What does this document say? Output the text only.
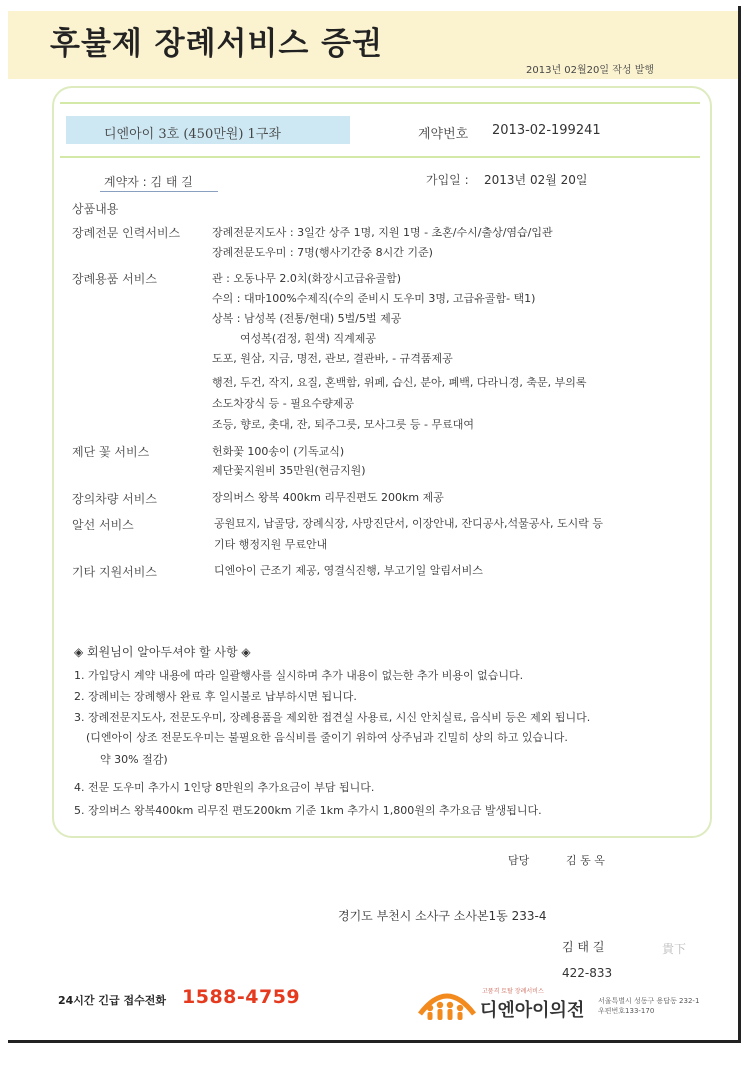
후불제 장례서비스 증권
2013년 02월20일 작성 발행
디엔아이 3호 (450만원) 1구좌	계약번호 2013-02-199241
계약자 : 김 태 길	가입일 : 2013년 02월 20일
상품내용
장례전문 인력서비스	장례전문지도사 : 3일간 상주 1명, 지원 1명 - 초혼/수시/출상/염습/입관
장례전문도우미 : 7명(행사기간중 8시간 기준)
장례용품 서비스	관 : 오동나무 2.0치(화장시고급유골함)
수의 : 대마100%수제직(수의 준비시 도우미 3명, 고급유골함- 택1)
상복 : 남성복 (전통/현대) 5벌/5벌 제공
여성복(검정, 흰색) 직계제공
도포, 원삼, 지금, 명전, 관보, 결관바, - 규격품제공
행전, 두건, 작지, 요질, 혼백함, 위페, 습신, 분아, 폐백, 다라니경, 축문, 부의록
소도차장식 등 - 필요수량제공
조등, 향로, 촛대, 잔, 퇴주그릇, 모사그릇 등 - 무료대여
제단 꽃 서비스	헌화꽃 100송이 (기독교식)
제단꽃지원비 35만원(현금지원)
장의차량 서비스	장의버스 왕복 400km 리무진편도 200km 제공
알선 서비스	공원묘지, 납골당, 장례식장, 사망진단서, 이장안내, 잔디공사,석물공사, 도시락 등
기타 행정지원 무료안내
기타 지원서비스	디엔아이 근조기 제공, 영결식진행, 부고기일 알림서비스
◈ 회원님이 알아두셔야 할 사항 ◈
1. 가입당시 계약 내용에 따라 일괄행사를 실시하며 추가 내용이 없는한 추가 비용이 없습니다.
2. 장례비는 장례행사 완료 후 일시불로 납부하시면 됩니다.
3. 장례전문지도사, 전문도우미, 장례용품을 제외한 접견실 사용료, 시신 안치실료, 음식비 등은 제외 됩니다.
(디엔아이 상조 전문도우미는 불필요한 음식비를 줄이기 위하여 상주님과 긴밀히 상의 하고 있습니다.
약 30% 절감)
4. 전문 도우미 추가시 1인당 8만원의 추가요금이 부담 됩니다.
5. 장의버스 왕복400km 리무진 편도200km 기준 1km 추가시 1,800원의 추가요금 발생됩니다.
담당	김 동 옥
경기도 부천시 소사구 소사본1동 233-4
김 태 길	貴下
422-833
24시간 긴급 접수전화 1588-4759	고품격 토탈 장례서비스
디엔아이의전 서울특별시 성동구 용답동 232-1
우편번호133-170
